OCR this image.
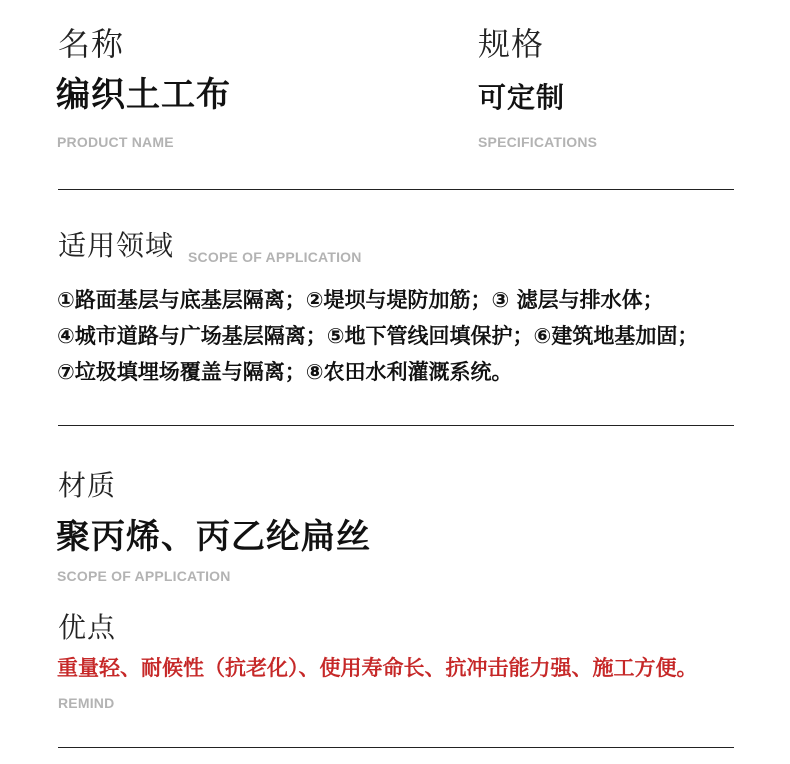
名称
编织土工布
PRODUCT NAME
规格
可定制
SPECIFICATIONS
适用领域 SCOPE OF APPLICATION
①路面基层与底基层隔离；②堤坝与堤防加筋；③ 滤层与排水体；
④城市道路与广场基层隔离；⑤地下管线回填保护；⑥建筑地基加固；
⑦垃圾填埋场覆盖与隔离；⑧农田水利灌溉系统。
材质
聚丙烯、丙乙纶扁丝
SCOPE OF APPLICATION
优点
重量轻、耐候性（抗老化）、使用寿命长、抗冲击能力强、施工方便。
REMIND
